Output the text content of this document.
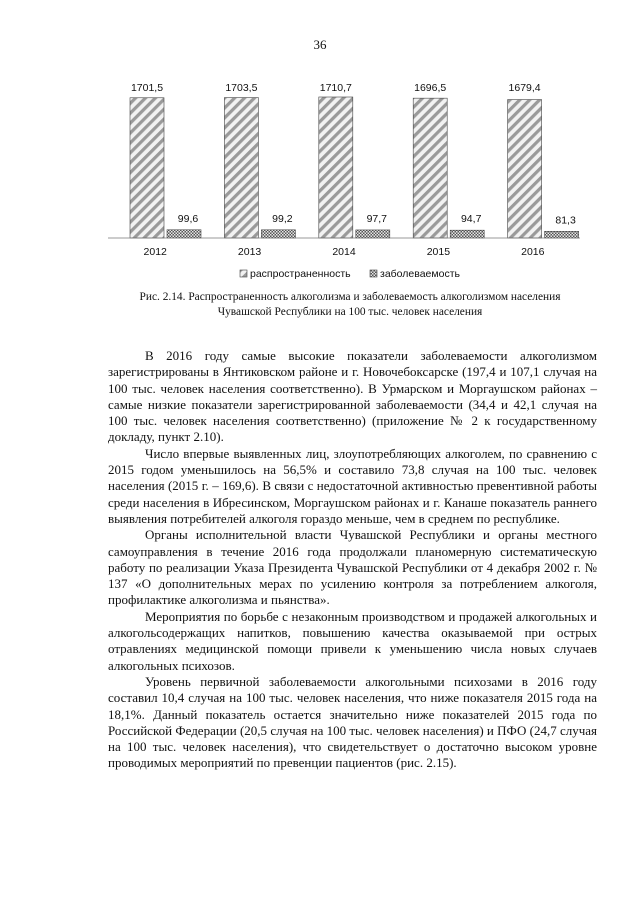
36
1701,5
99,6
2012
1703,5
99,2
2013
1710,7
97,7
2014
1696,5
94,7
2015
1679,4
81,3
2016
распространенность	заболеваемость
Рис. 2.14. Распространенность алкоголизма и заболеваемость алкоголизмом населения
Чувашской Республики на 100 тыс. человек населения

В 2016 году самые высокие показатели заболеваемости алкоголизмом зарегистрированы в Янтиковском районе и г. Новочебоксарске (197,4 и 107,1 случая на 100 тыс. человек населения соответственно). В Урмарском и Моргаушском районах – самые низкие показатели зарегистрированной заболеваемости (34,4 и 42,1 случая на 100 тыс. человек населения соответственно) (приложение № 2 к государственному докладу, пункт 2.10).

Число впервые выявленных лиц, злоупотребляющих алкоголем, по сравнению с 2015 годом уменьшилось на 56,5% и составило 73,8 случая на 100 тыс. человек населения (2015 г. – 169,6). В связи с недостаточной активностью превентивной работы среди населения в Ибресинском, Моргаушском районах и г. Канаше показатель раннего выявления потребителей алкоголя гораздо меньше, чем в среднем по республике.

Органы исполнительной власти Чувашской Республики и органы местного самоуправления в течение 2016 года продолжали планомерную систематическую работу по реализации Указа Президента Чувашской Республики от 4 декабря 2002 г. № 137 «О дополнительных мерах по усилению контроля за потреблением алкоголя, профилактике алкоголизма и пьянства».

Мероприятия по борьбе с незаконным производством и продажей алкогольных и алкогольсодержащих напитков, повышению качества оказываемой при острых отравлениях медицинской помощи привели к уменьшению числа новых случаев алкогольных психозов.

Уровень первичной заболеваемости алкогольными психозами в 2016 году составил 10,4 случая на 100 тыс. человек населения, что ниже показателя 2015 года на 18,1%. Данный показатель остается значительно ниже показателей 2015 года по Российской Федерации (20,5 случая на 100 тыс. человек населения) и ПФО (24,7 случая на 100 тыс. человек населения), что свидетельствует о достаточно высоком уровне проводимых мероприятий по превенции пациентов (рис. 2.15).
